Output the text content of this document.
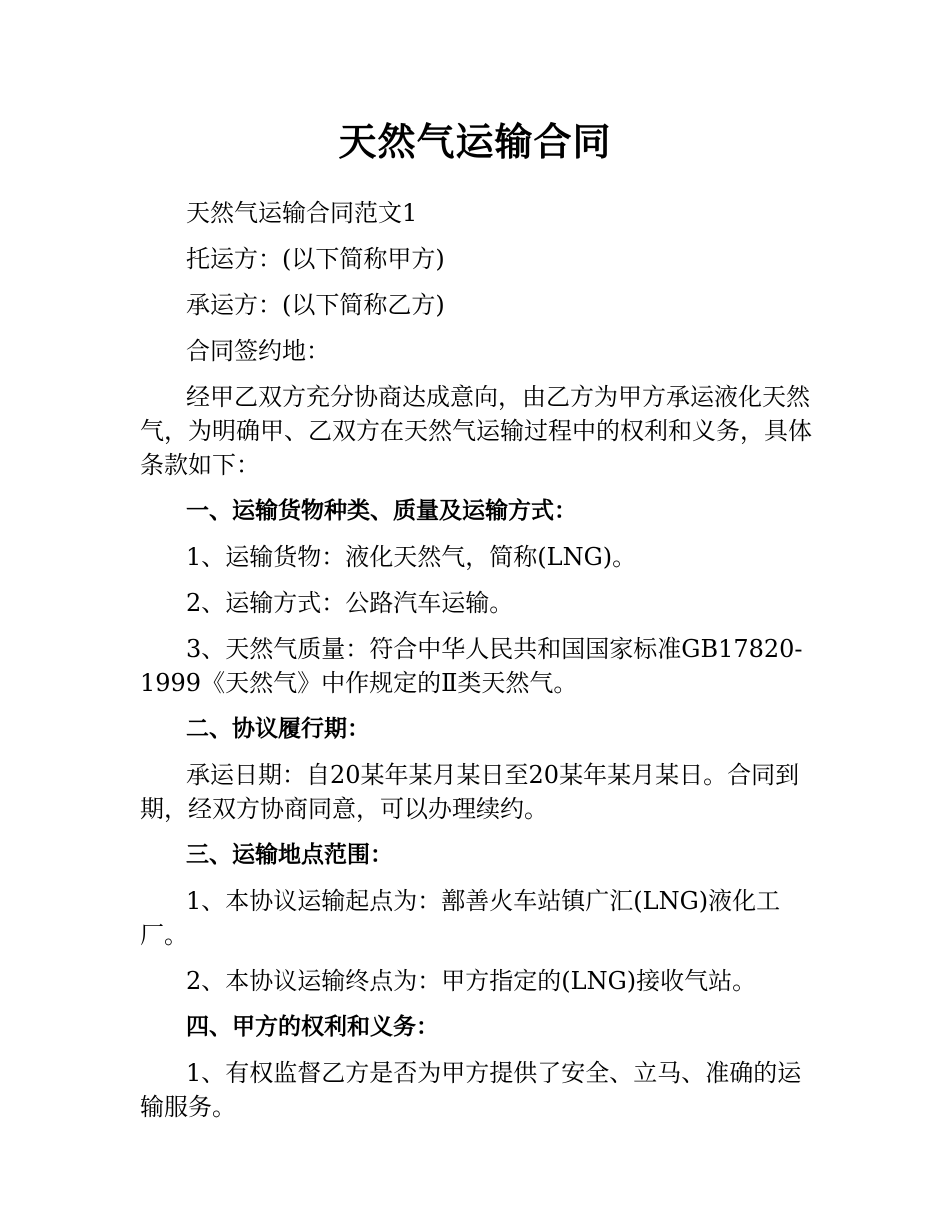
天然气运输合同

天然气运输合同范文1

托运方：(以下简称甲方)

承运方：(以下简称乙方)

合同签约地：

经甲乙双方充分协商达成意向，由乙方为甲方承运液化天然气，为明确甲、乙双方在天然气运输过程中的权利和义务，具体条款如下：

一、运输货物种类、质量及运输方式：

1、运输货物：液化天然气，简称(LNG)。

2、运输方式：公路汽车运输。

3、天然气质量：符合中华人民共和国国家标准GB17820-1999《天然气》中作规定的Ⅱ类天然气。

二、协议履行期：

承运日期：自20某年某月某日至20某年某月某日。合同到期，经双方协商同意，可以办理续约。

三、运输地点范围：

1、本协议运输起点为：鄯善火车站镇广汇(LNG)液化工厂。

2、本协议运输终点为：甲方指定的(LNG)接收气站。

四、甲方的权利和义务：

1、有权监督乙方是否为甲方提供了安全、立马、准确的运输服务。
